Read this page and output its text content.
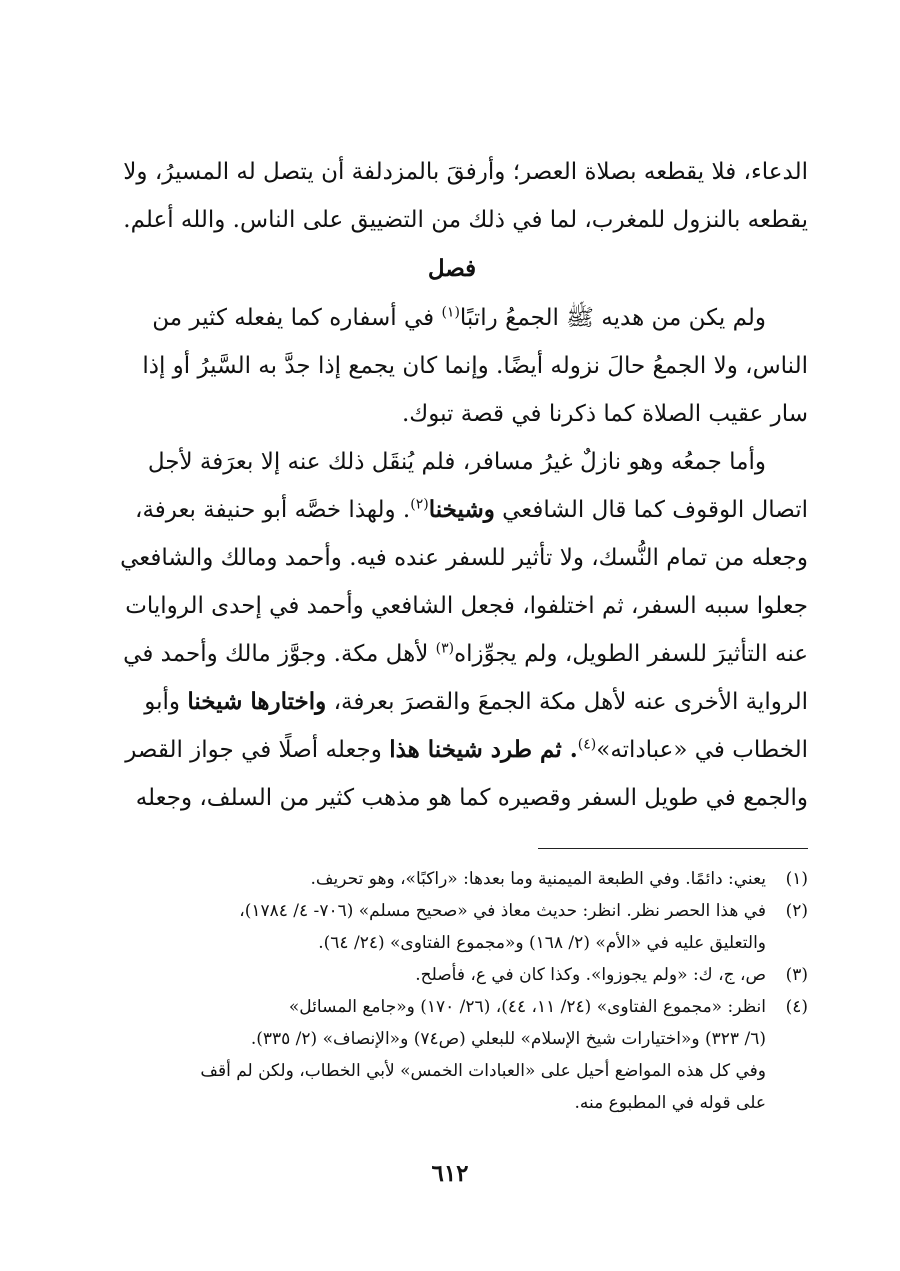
الدعاء، فلا يقطعه بصلاة العصر؛ وأرفقَ بالمزدلفة أن يتصل له المسيرُ، ولا
يقطعه بالنزول للمغرب، لما في ذلك من التضييق على الناس. والله أعلم.

فصل

ولم يكن من هديه ﷺ الجمعُ راتبًا$^{(١)}$ في أسفاره كما يفعله كثير من
الناس، ولا الجمعُ حالَ نزوله أيضًا. وإنما كان يجمع إذا جدَّ به السَّيرُ أو إذا
سار عقيب الصلاة كما ذكرنا في قصة تبوك.

وأما جمعُه وهو نازلٌ غيرُ مسافر، فلم يُنقَل ذلك عنه إلا بعرَفة لأجل
اتصال الوقوف كما قال الشافعي وشيخنا$^{(٢)}$. ولهذا خصَّه أبو حنيفة بعرفة،
وجعله من تمام النُّسك، ولا تأثير للسفر عنده فيه. وأحمد ومالك والشافعي
جعلوا سببه السفر، ثم اختلفوا، فجعل الشافعي وأحمد في إحدى الروايات
عنه التأثيرَ للسفر الطويل، ولم يجوِّزاه$^{(٣)}$ لأهل مكة. وجوَّز مالك وأحمد في
الرواية الأخرى عنه لأهل مكة الجمعَ والقصرَ بعرفة، واختارها شيخنا وأبو
الخطاب في «عباداته»$^{(٤)}$. ثم طرد شيخنا هذا وجعله أصلًا في جواز القصر
والجمع في طويل السفر وقصيره كما هو مذهب كثير من السلف، وجعله

(١)
يعني: دائمًا. وفي الطبعة الميمنية وما بعدها: «راكبًا»، وهو تحريف.
(٢)
في هذا الحصر نظر. انظر: حديث معاذ في «صحيح مسلم» (٧٠٦- ٤/ ١٧٨٤)،
والتعليق عليه في «الأم» (٢/ ١٦٨) و«مجموع الفتاوى» (٢٤/ ٦٤).
(٣)
ص، ج، ك: «ولم يجوزوا». وكذا كان في ع، فأصلح.
(٤)
انظر: «مجموع الفتاوى» (٢٤/ ١١، ٤٤)، (٢٦/ ١٧٠) و«جامع المسائل»
(٦/ ٣٢٣) و«اختيارات شيخ الإسلام» للبعلي (ص٧٤) و«الإنصاف» (٢/ ٣٣٥).
وفي كل هذه المواضع أحيل على «العبادات الخمس» لأبي الخطاب، ولكن لم أقف
على قوله في المطبوع منه.
٦١٢
